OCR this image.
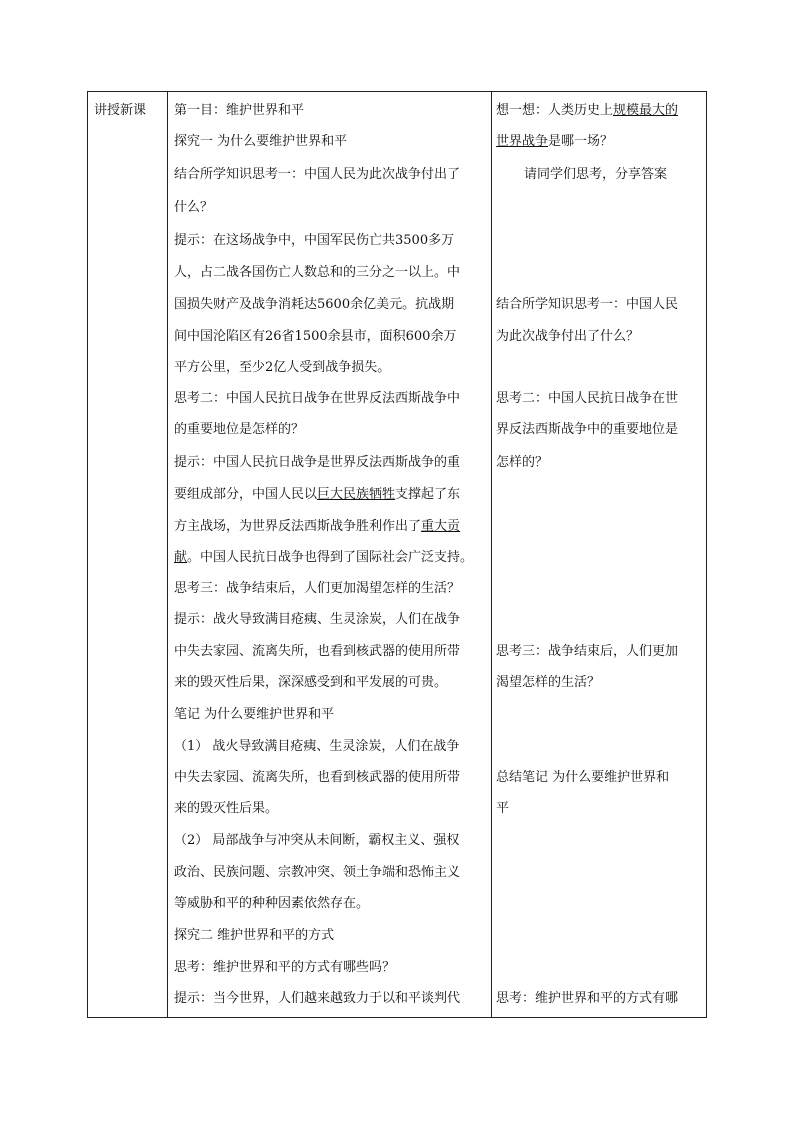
讲授新课 第一目：维护世界和平
探究一 为什么要维护世界和平
结合所学知识思考一：中国人民为此次战争付出了
什么？
提示：在这场战争中，中国军民伤亡共3500多万
人，占二战各国伤亡人数总和的三分之一以上。中
国损失财产及战争消耗达5600余亿美元。抗战期
间中国沦陷区有26省1500余县市，面积600余万
平方公里，至少2亿人受到战争损失。
思考二：中国人民抗日战争在世界反法西斯战争中
的重要地位是怎样的？
提示：中国人民抗日战争是世界反法西斯战争的重
要组成部分，中国人民以巨大民族牺牲支撑起了东
方主战场，为世界反法西斯战争胜利作出了重大贡
献。中国人民抗日战争也得到了国际社会广泛支持。
思考三：战争结束后，人们更加渴望怎样的生活？
提示：战火导致满目疮痍、生灵涂炭，人们在战争
中失去家园、流离失所，也看到核武器的使用所带
来的毁灭性后果，深深感受到和平发展的可贵。
笔记 为什么要维护世界和平
（1） 战火导致满目疮痍、生灵涂炭，人们在战争
中失去家园、流离失所，也看到核武器的使用所带
来的毁灭性后果。
（2） 局部战争与冲突从未间断，霸权主义、强权
政治、民族问题、宗教冲突、领土争端和恐怖主义
等威胁和平的种种因素依然存在。
探究二 维护世界和平的方式
思考：维护世界和平的方式有哪些吗？
提示：当今世界，人们越来越致力于以和平谈判代
想一想：人类历史上规模最大的
世界战争是哪一场？
请同学们思考，分享答案
结合所学知识思考一：中国人民
为此次战争付出了什么？
思考二：中国人民抗日战争在世
界反法西斯战争中的重要地位是
怎样的？
思考三：战争结束后，人们更加
渴望怎样的生活？
总结笔记 为什么要维护世界和
平
思考：维护世界和平的方式有哪
